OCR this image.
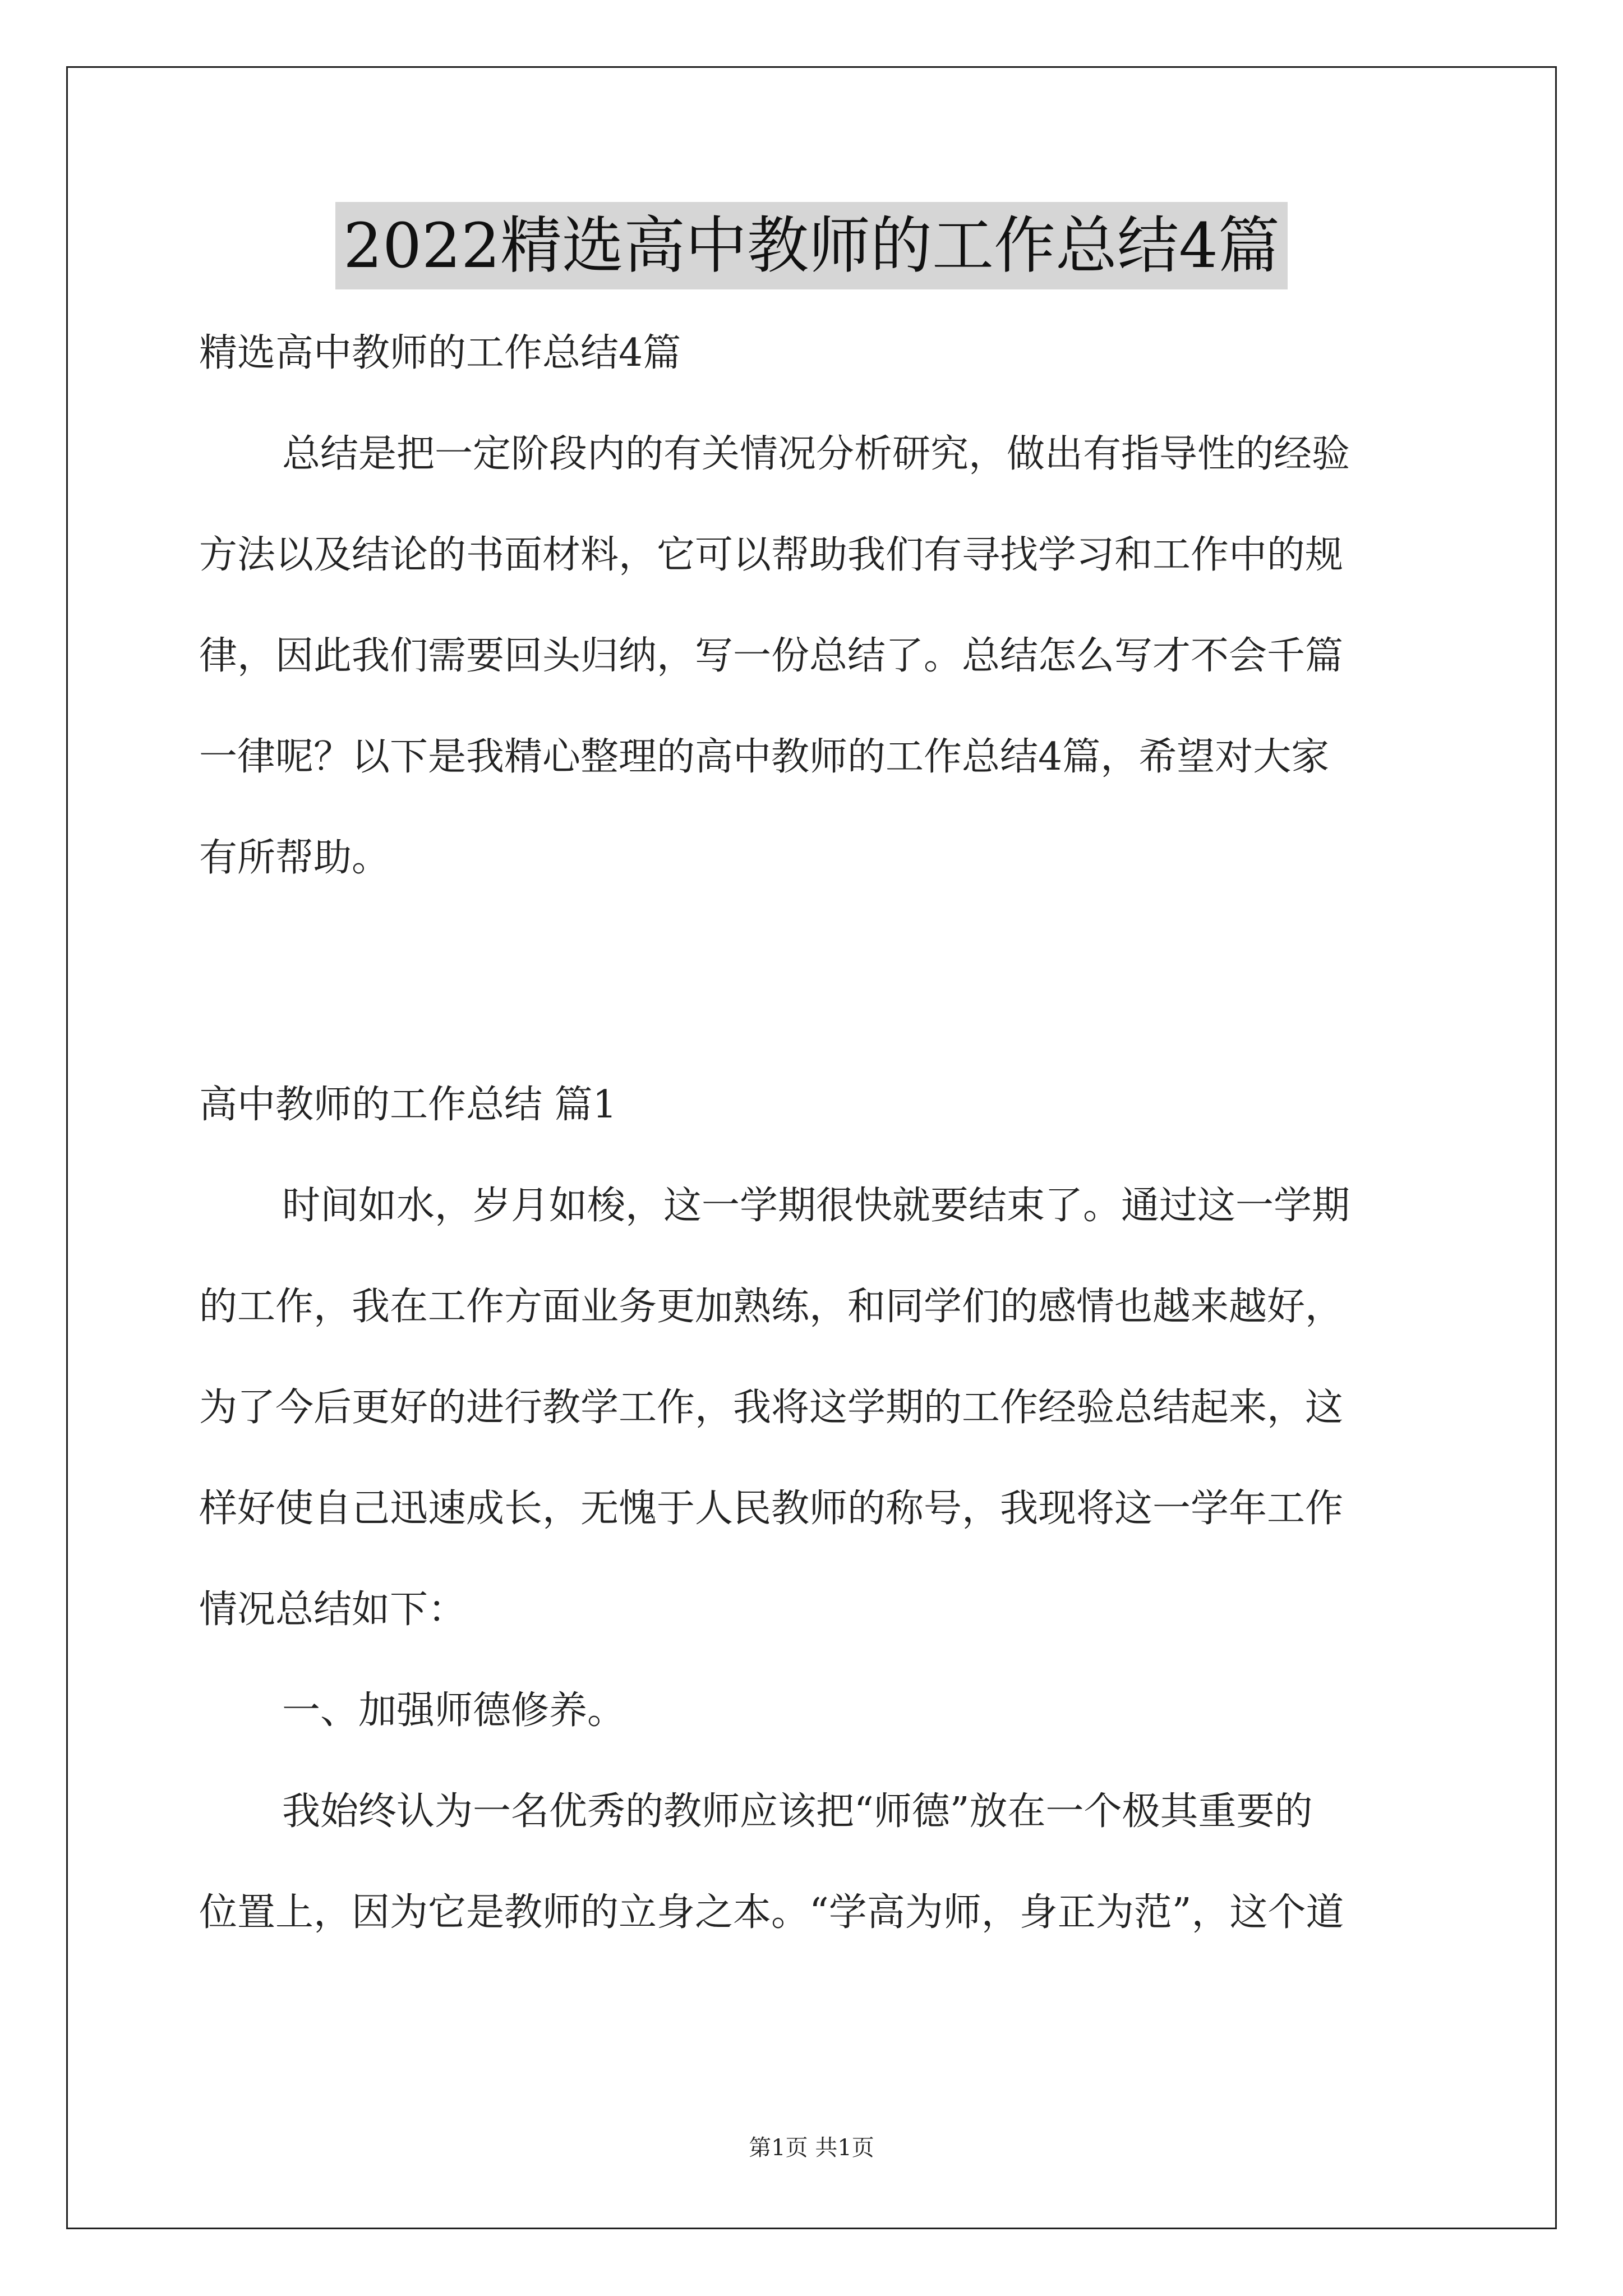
2022精选高中教师的工作总结4篇
精选高中教师的工作总结4篇
总结是把一定阶段内的有关情况分析研究，做出有指导性的经验
方法以及结论的书面材料，它可以帮助我们有寻找学习和工作中的规
律，因此我们需要回头归纳，写一份总结了。总结怎么写才不会千篇
一律呢？以下是我精心整理的高中教师的工作总结4篇，希望对大家
有所帮助。
高中教师的工作总结 篇1
时间如水，岁月如梭，这一学期很快就要结束了。通过这一学期
的工作，我在工作方面业务更加熟练，和同学们的感情也越来越好，
为了今后更好的进行教学工作，我将这学期的工作经验总结起来，这
样好使自己迅速成长，无愧于人民教师的称号，我现将这一学年工作
情况总结如下：
一、加强师德修养。
我始终认为一名优秀的教师应该把“师德”放在一个极其重要的
位置上，因为它是教师的立身之本。“学高为师，身正为范”，这个道
第1页 共1页
